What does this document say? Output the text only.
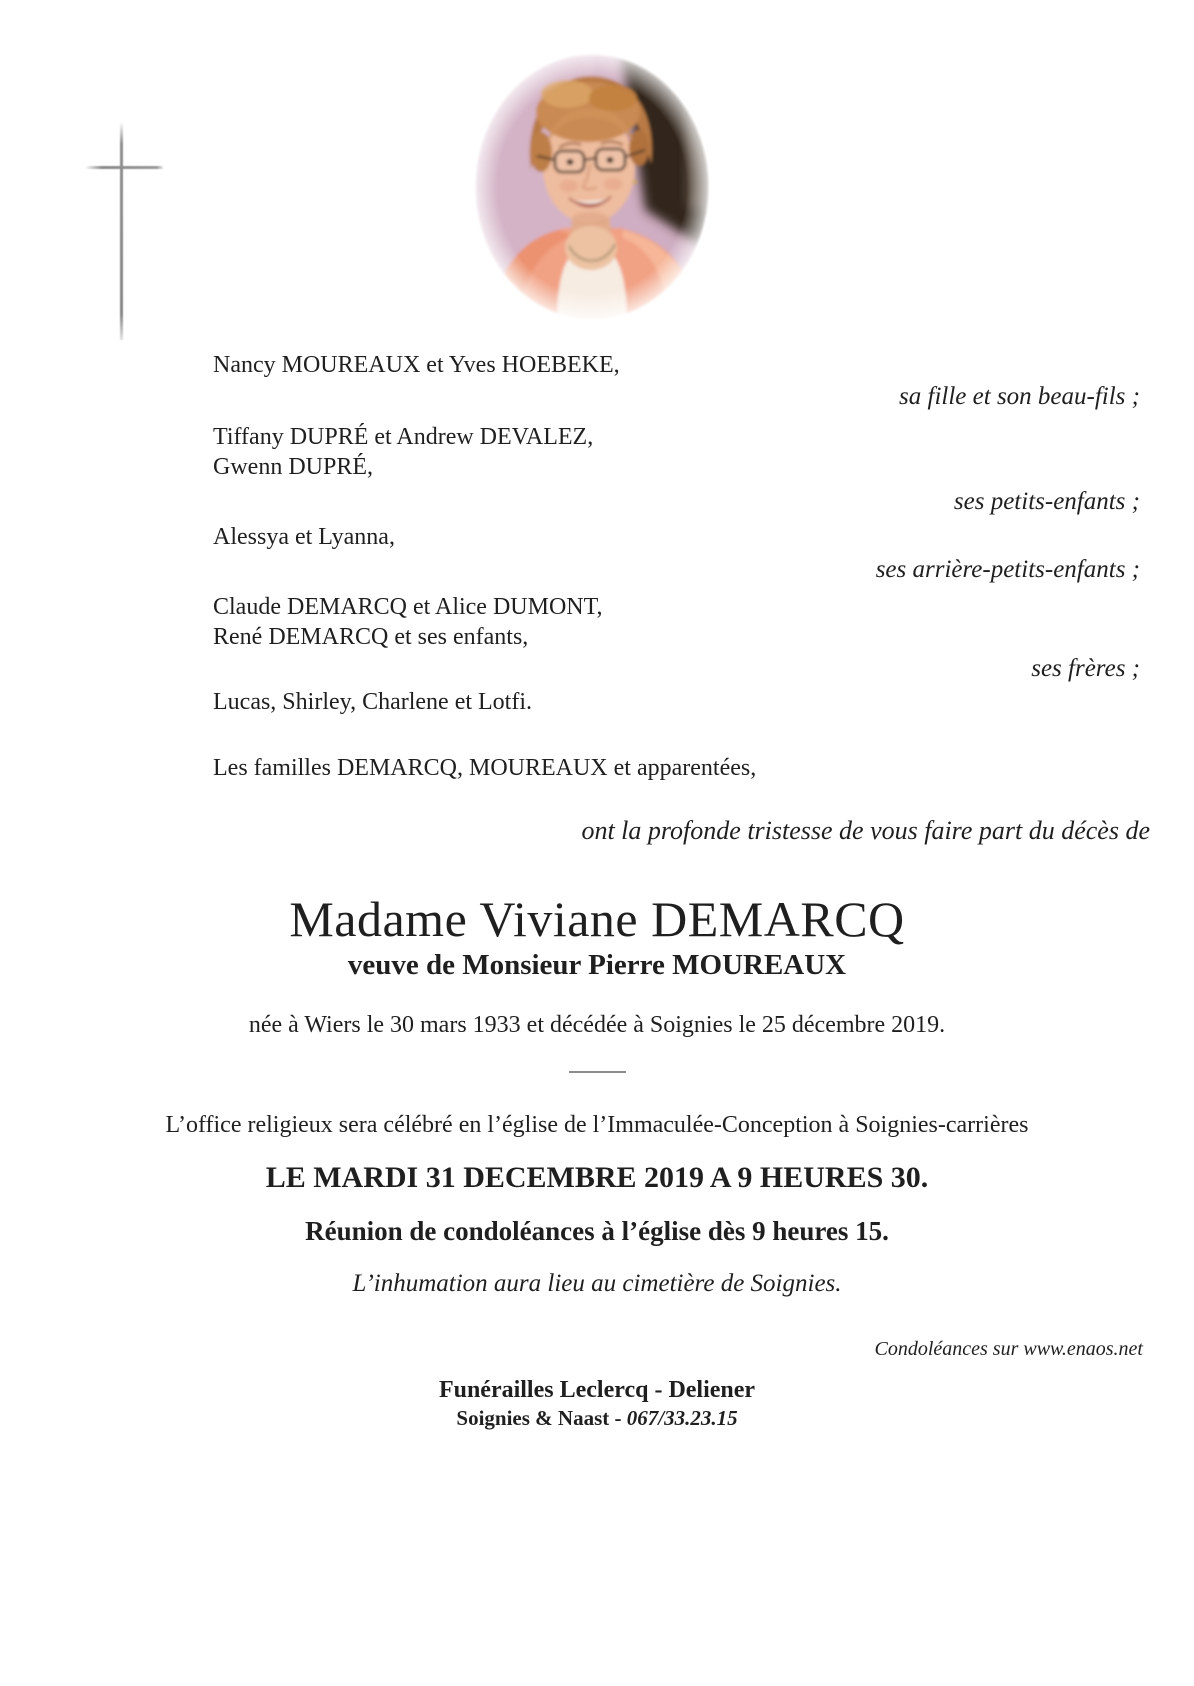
Nancy MOUREAUX et Yves HOEBEKE,
sa fille et son beau-fils ;
Tiffany DUPRÉ et Andrew DEVALEZ,
Gwenn DUPRÉ,
ses petits-enfants ;
Alessya et Lyanna,
ses arrière-petits-enfants ;
Claude DEMARCQ et Alice DUMONT,
René DEMARCQ et ses enfants,
ses frères ;
Lucas, Shirley, Charlene et Lotfi.
Les familles DEMARCQ, MOUREAUX et apparentées,
ont la profonde tristesse de vous faire part du décès de
Madame Viviane DEMARCQ
veuve de Monsieur Pierre MOUREAUX
née à Wiers le 30 mars 1933 et décédée à Soignies le 25 décembre 2019.
L’office religieux sera célébré en l’église de l’Immaculée-Conception à Soignies-carrières
LE MARDI 31 DECEMBRE 2019 A 9 HEURES 30.
Réunion de condoléances à l’église dès 9 heures 15.
L’inhumation aura lieu au cimetière de Soignies.
Condoléances sur www.enaos.net
Funérailles Leclercq - Deliener
Soignies & Naast - 067/33.23.15
